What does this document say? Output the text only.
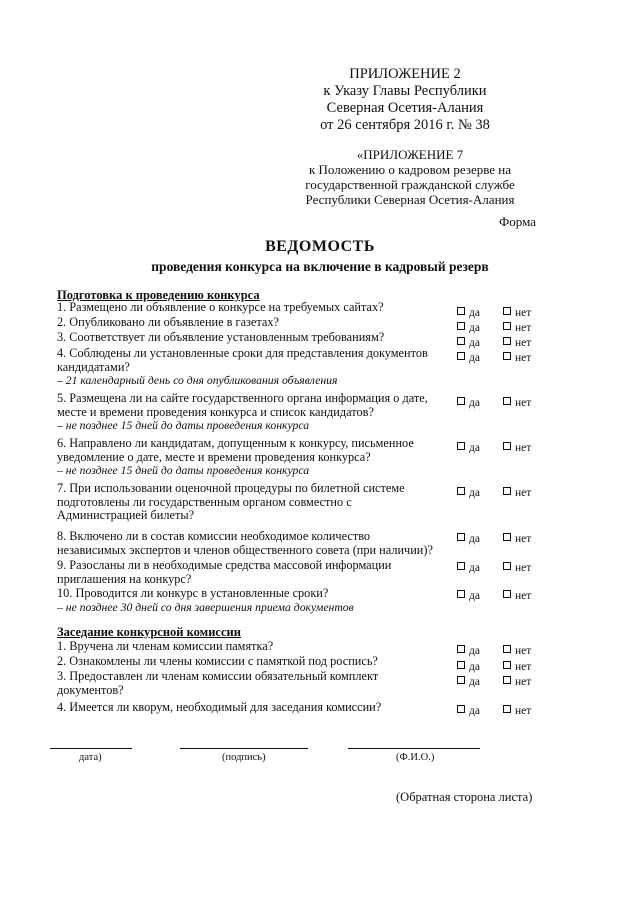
ПРИЛОЖЕНИЕ 2
к Указу Главы Республики
Северная Осетия-Алания
от 26 сентября 2016 г. № 38
«ПРИЛОЖЕНИЕ 7
к Положению о кадровом резерве на
государственной гражданской службе
Республики Северная Осетия-Алания
Форма
ВЕДОМОСТЬ
проведения конкурса на включение в кадровый резерв
Подготовка к проведению конкурса
1. Размещено ли объявление о конкурсе на требуемых сайтах?	да	нет
2. Опубликовано ли объявление в газетах?	да	нет
3. Соответствует ли объявление установленным требованиям?	да	нет
4. Соблюдены ли установленные сроки для представления документов
кандидатами?
– 21 календарный день со дня опубликования объявления
да	нет
5. Размещена ли на сайте государственного органа информация о дате,
месте и времени проведения конкурса и список кандидатов?
– не позднее 15 дней до даты проведения конкурса
да	нет
6. Направлено ли кандидатам, допущенным к конкурсу, письменное
уведомление о дате, месте и времени проведения конкурса?
– не позднее 15 дней до даты проведения конкурса
да	нет
7. При использовании оценочной процедуры по билетной системе
подготовлены ли государственным органом совместно с
Администрацией билеты?
да	нет
8. Включено ли в состав комиссии необходимое количество
независимых экспертов и членов общественного совета (при наличии)?
да	нет
9. Разосланы ли в необходимые средства массовой информации
приглашения на конкурс?
да	нет
10. Проводится ли конкурс в установленные сроки?
– не позднее 30 дней со дня завершения приема документов
да	нет
Заседание конкурсной комиссии
1. Вручена ли членам комиссии памятка?	да	нет
2. Ознакомлены ли члены комиссии с памяткой под роспись?	да	нет
3. Предоставлен ли членам комиссии обязательный комплект
документов?
да	нет
4. Имеется ли кворум, необходимый для заседания комиссии?	да	нет
дата)	(подпись)	(Ф.И.О.)
(Обратная сторона листа)
